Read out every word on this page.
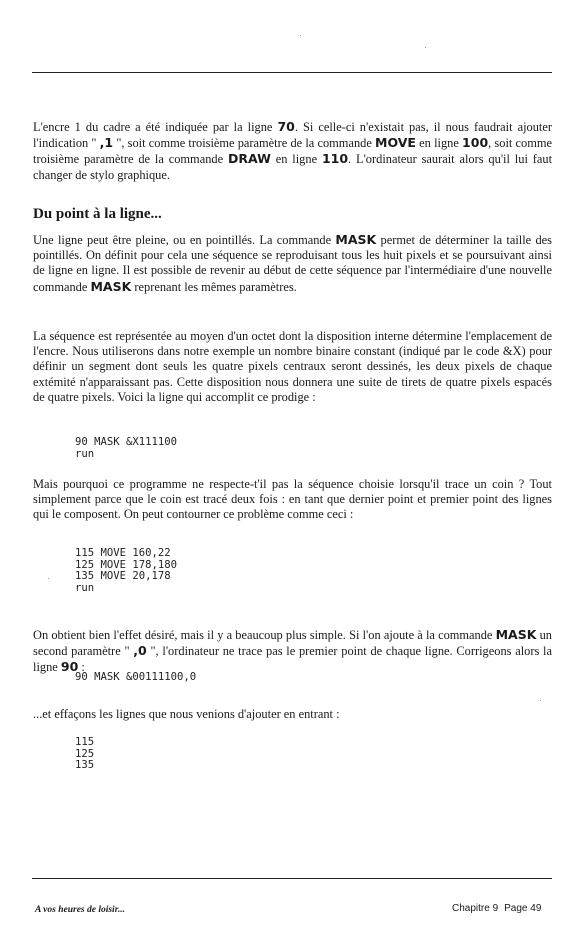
L'encre 1 du cadre a été indiquée par la ligne 70. Si celle-ci n'existait pas, il nous faudrait ajouter l'indication " ,1 ", soit comme troisième paramètre de la commande MOVE en ligne 100, soit comme troisième paramètre de la commande DRAW en ligne 110. L'ordinateur saurait alors qu'il lui faut changer de stylo graphique.

Du point à la ligne...

Une ligne peut être pleine, ou en pointillés. La commande MASK permet de déterminer la taille des pointillés. On définit pour cela une séquence se reproduisant tous les huit pixels et se poursuivant ainsi de ligne en ligne. Il est possible de revenir au début de cette séquence par l'intermédiaire d'une nouvelle commande MASK reprenant les mêmes paramètres.

La séquence est représentée au moyen d'un octet dont la disposition interne détermine l'emplacement de l'encre. Nous utiliserons dans notre exemple un nombre binaire constant (indiqué par le code &X) pour définir un segment dont seuls les quatre pixels centraux seront dessinés, les deux pixels de chaque extémité n'apparaissant pas. Cette disposition nous donnera une suite de tirets de quatre pixels espacés de quatre pixels. Voici la ligne qui accomplit ce prodige :

90 MASK &X111100
run

Mais pourquoi ce programme ne respecte-t'il pas la séquence choisie lorsqu'il trace un coin ? Tout simplement parce que le coin est tracé deux fois : en tant que dernier point et premier point des lignes qui le composent. On peut contourner ce problème comme ceci :

115 MOVE 160,22
125 MOVE 178,180
135 MOVE 20,178
run

On obtient bien l'effet désiré, mais il y a beaucoup plus simple. Si l'on ajoute à la commande MASK un second paramètre " ,0 ", l'ordinateur ne trace pas le premier point de chaque ligne. Corrigeons alors la ligne 90 :

90 MASK &00111100,0

...et effaçons les lignes que nous venions d'ajouter en entrant :

115
125
135
A vos heures de loisir...	Chapitre 9 Page 49
